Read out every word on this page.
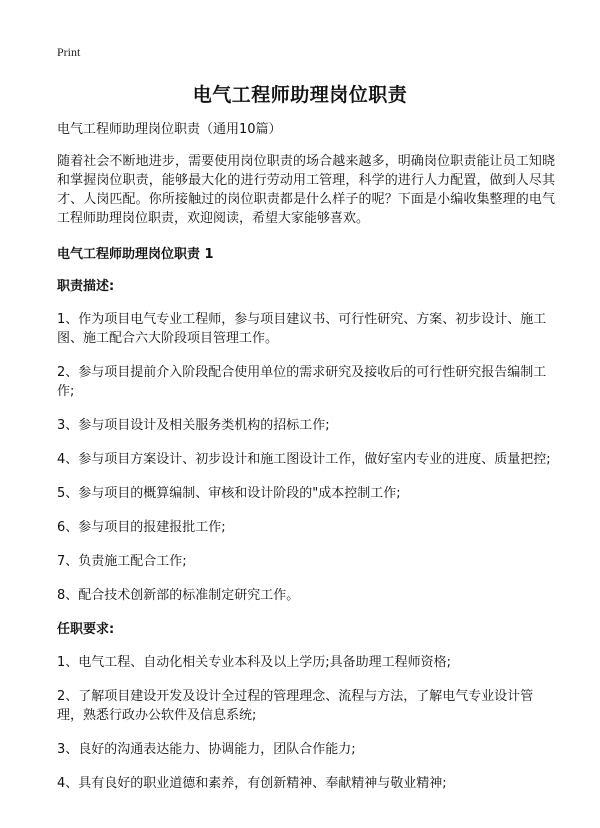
Print
电气工程师助理岗位职责

电气工程师助理岗位职责（通用10篇）

随着社会不断地进步，需要使用岗位职责的场合越来越多，明确岗位职责能让员工知晓和掌握岗位职责，能够最大化的进行劳动用工管理，科学的进行人力配置，做到人尽其才、人岗匹配。你所接触过的岗位职责都是什么样子的呢？下面是小编收集整理的电气工程师助理岗位职责，欢迎阅读，希望大家能够喜欢。

电气工程师助理岗位职责 1

职责描述:

1、作为项目电气专业工程师，参与项目建议书、可行性研究、方案、初步设计、施工图、施工配合六大阶段项目管理工作。

2、参与项目提前介入阶段配合使用单位的需求研究及接收后的可行性研究报告编制工作;

3、参与项目设计及相关服务类机构的招标工作;

4、参与项目方案设计、初步设计和施工图设计工作，做好室内专业的进度、质量把控;

5、参与项目的概算编制、审核和设计阶段的"成本控制工作;

6、参与项目的报建报批工作;

7、负责施工配合工作;

8、配合技术创新部的标准制定研究工作。

任职要求:

1、电气工程、自动化相关专业本科及以上学历;具备助理工程师资格;

2、了解项目建设开发及设计全过程的管理理念、流程与方法，了解电气专业设计管理，熟悉行政办公软件及信息系统;

3、良好的沟通表达能力、协调能力，团队合作能力;

4、具有良好的职业道德和素养，有创新精神、奉献精神与敬业精神;
